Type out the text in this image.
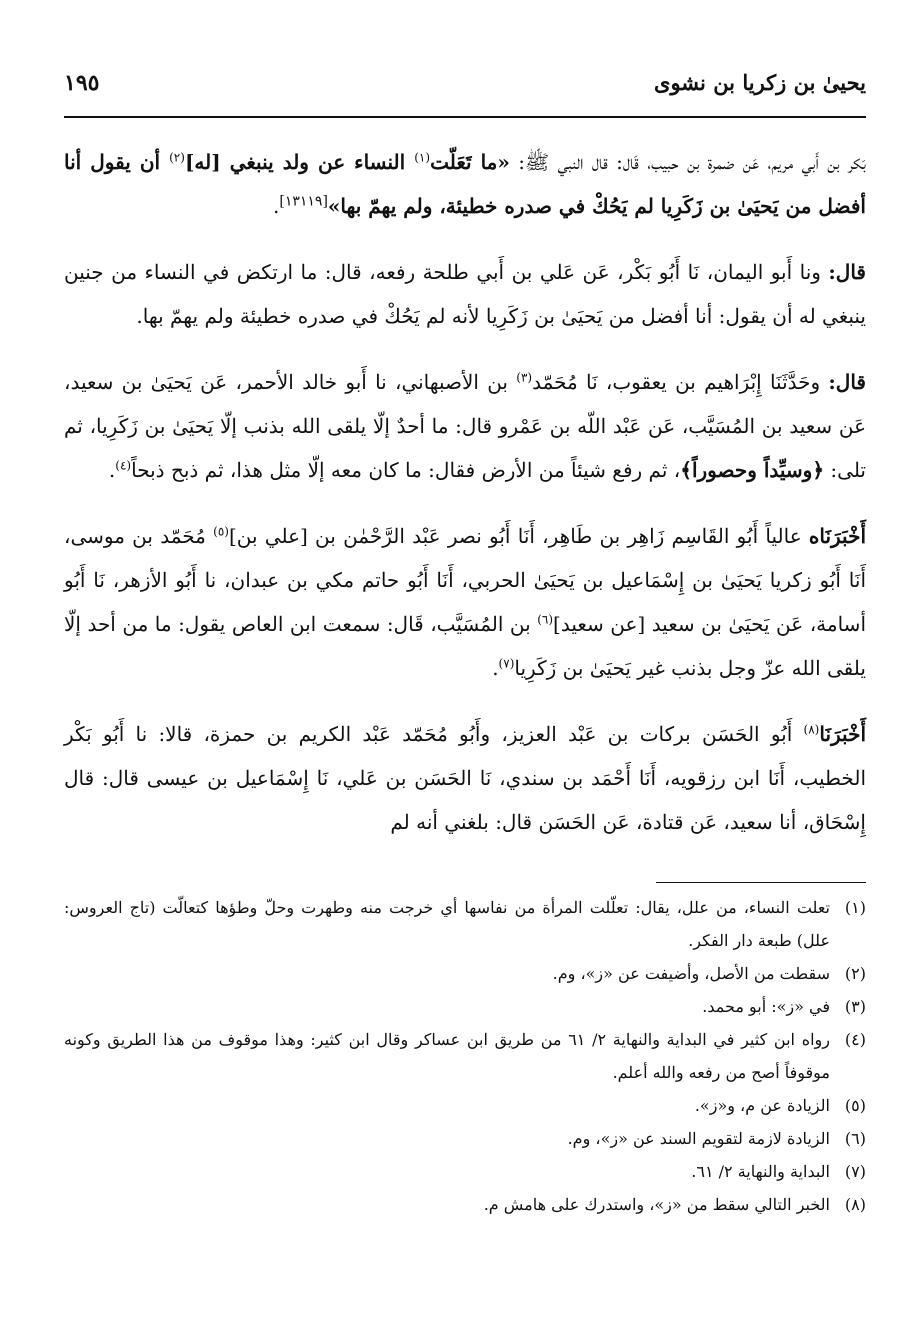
يحيىٰ بن زكريا بن نشوى
١٩٥

بَكر بن أَبي مريم، عَن ضمرة بن حبيب، قَال: قال النبي ﷺ: «ما تَعَلّت$^{(١)}$ النساء عن ولد ينبغي [له]$^{(٢)}$ أن يقول أنا أفضل من يَحيَىٰ بن زَكَرِيا لم يَحُكْ في صدره خطيئة، ولم يهمّ بها»[١٣١١٩].

قال: ونا أَبو اليمان، نَا أَبُو بَكْر، عَن عَلي بن أَبي طلحة رفعه، قال: ما ارتكض في النساء من جنين ينبغي له أن يقول: أنا أفضل من يَحيَىٰ بن زَكَرِيا لأنه لم يَحُكْ في صدره خطيئة ولم يهمّ بها.

قال: وحَدَّثَنَا إِبْرَاهيم بن يعقوب، نَا مُحَمّد$^{(٣)}$ بن الأصبهاني، نا أَبو خالد الأحمر، عَن يَحيَىٰ بن سعيد، عَن سعيد بن المُسَيَّب، عَن عَبْد اللّه بن عَمْرو قال: ما أحدٌ إلّا يلقى الله بذنب إلّا يَحيَىٰ بن زَكَرِيا، ثم تلى: ﴿وسيِّداً وحصوراً﴾، ثم رفع شيئاً من الأرض فقال: ما كان معه إلّا مثل هذا، ثم ذبح ذبحاً$^{(٤)}$.

أَخْبَرَنَاه عالياً أَبُو القَاسِم زَاهِر بن طَاهِر، أَنَا أَبُو نصر عَبْد الرَّحْمٰن بن [علي بن]$^{(٥)}$ مُحَمّد بن موسى، أَنَا أَبُو زكريا يَحيَىٰ بن إِسْمَاعيل بن يَحيَىٰ الحربي، أَنَا أَبُو حاتم مكي بن عبدان، نا أَبُو الأزهر، نَا أَبُو أسامة، عَن يَحيَىٰ بن سعيد [عن سعيد]$^{(٦)}$ بن المُسَيَّب، قَال: سمعت ابن العاص يقول: ما من أحد إلّا يلقى الله عزّ وجل بذنب غير يَحيَىٰ بن زَكَرِيا$^{(٧)}$.

أَخْبَرَنَا$^{(٨)}$ أَبُو الحَسَن بركات بن عَبْد العزيز، وأَبُو مُحَمّد عَبْد الكريم بن حمزة، قالا: نا أَبُو بَكْر الخطيب، أَنَا ابن رزقويه، أَنَا أَحْمَد بن سندي، نَا الحَسَن بن عَلي، نَا إِسْمَاعيل بن عيسى قال: قال إِسْحَاق، أنا سعيد، عَن قتادة، عَن الحَسَن قال: بلغني أنه لم

(١)
تعلت النساء، من علل، يقال: تعلّلت المرأة من نفاسها أي خرجت منه وطهرت وحلّ وطؤها كتعالّت (تاج العروس: علل) طبعة دار الفكر.
(٢)
سقطت من الأصل، وأضيفت عن «ز»، وم.
(٣)
في «ز»: أبو محمد.
(٤)
رواه ابن كثير في البداية والنهاية ٢/ ٦١ من طريق ابن عساكر وقال ابن كثير: وهذا موقوف من هذا الطريق وكونه موقوفاً أصح من رفعه والله أعلم.
(٥)
الزيادة عن م، و«ز».
(٦)
الزيادة لازمة لتقويم السند عن «ز»، وم.
(٧)
البداية والنهاية ٢/ ٦١.
(٨)
الخبر التالي سقط من «ز»، واستدرك على هامش م.
